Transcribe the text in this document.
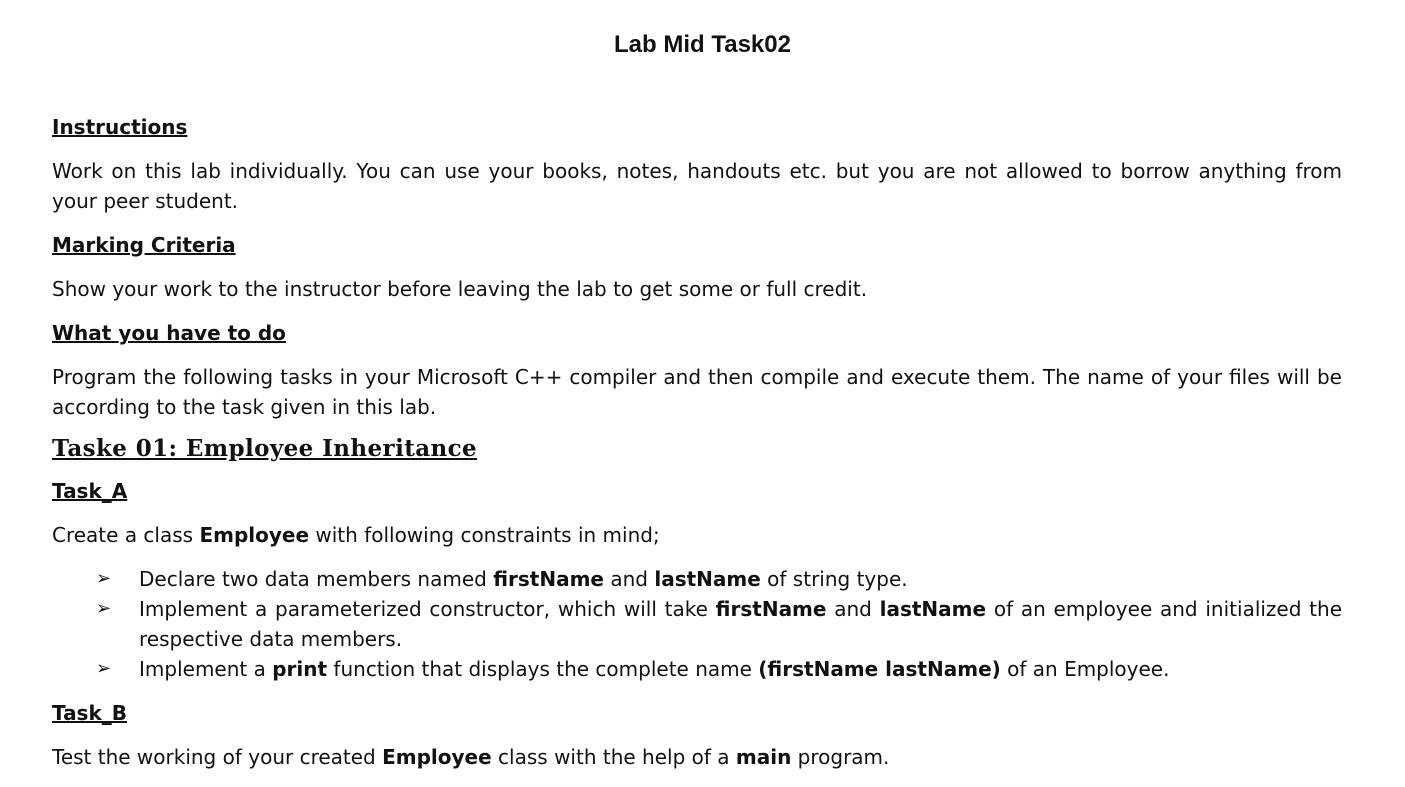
Lab Mid Task02
Instructions

Work on this lab individually. You can use your books, notes, handouts etc. but you are not allowed to borrow anything from your peer student.

Marking Criteria

Show your work to the instructor before leaving the lab to get some or full credit.

What you have to do

Program the following tasks in your Microsoft C++ compiler and then compile and execute them. The name of your files will be according to the task given in this lab.

Taske 01: Employee Inheritance
Task_A

Create a class Employee with following constraints in mind;

➢ Declare two data members named firstName and lastName of string type.
➢ Implement a parameterized constructor, which will take firstName and lastName of an employee and initialized the respective data members.
➢ Implement a print function that displays the complete name (firstName lastName) of an Employee.
Task_B

Test the working of your created Employee class with the help of a main program.
